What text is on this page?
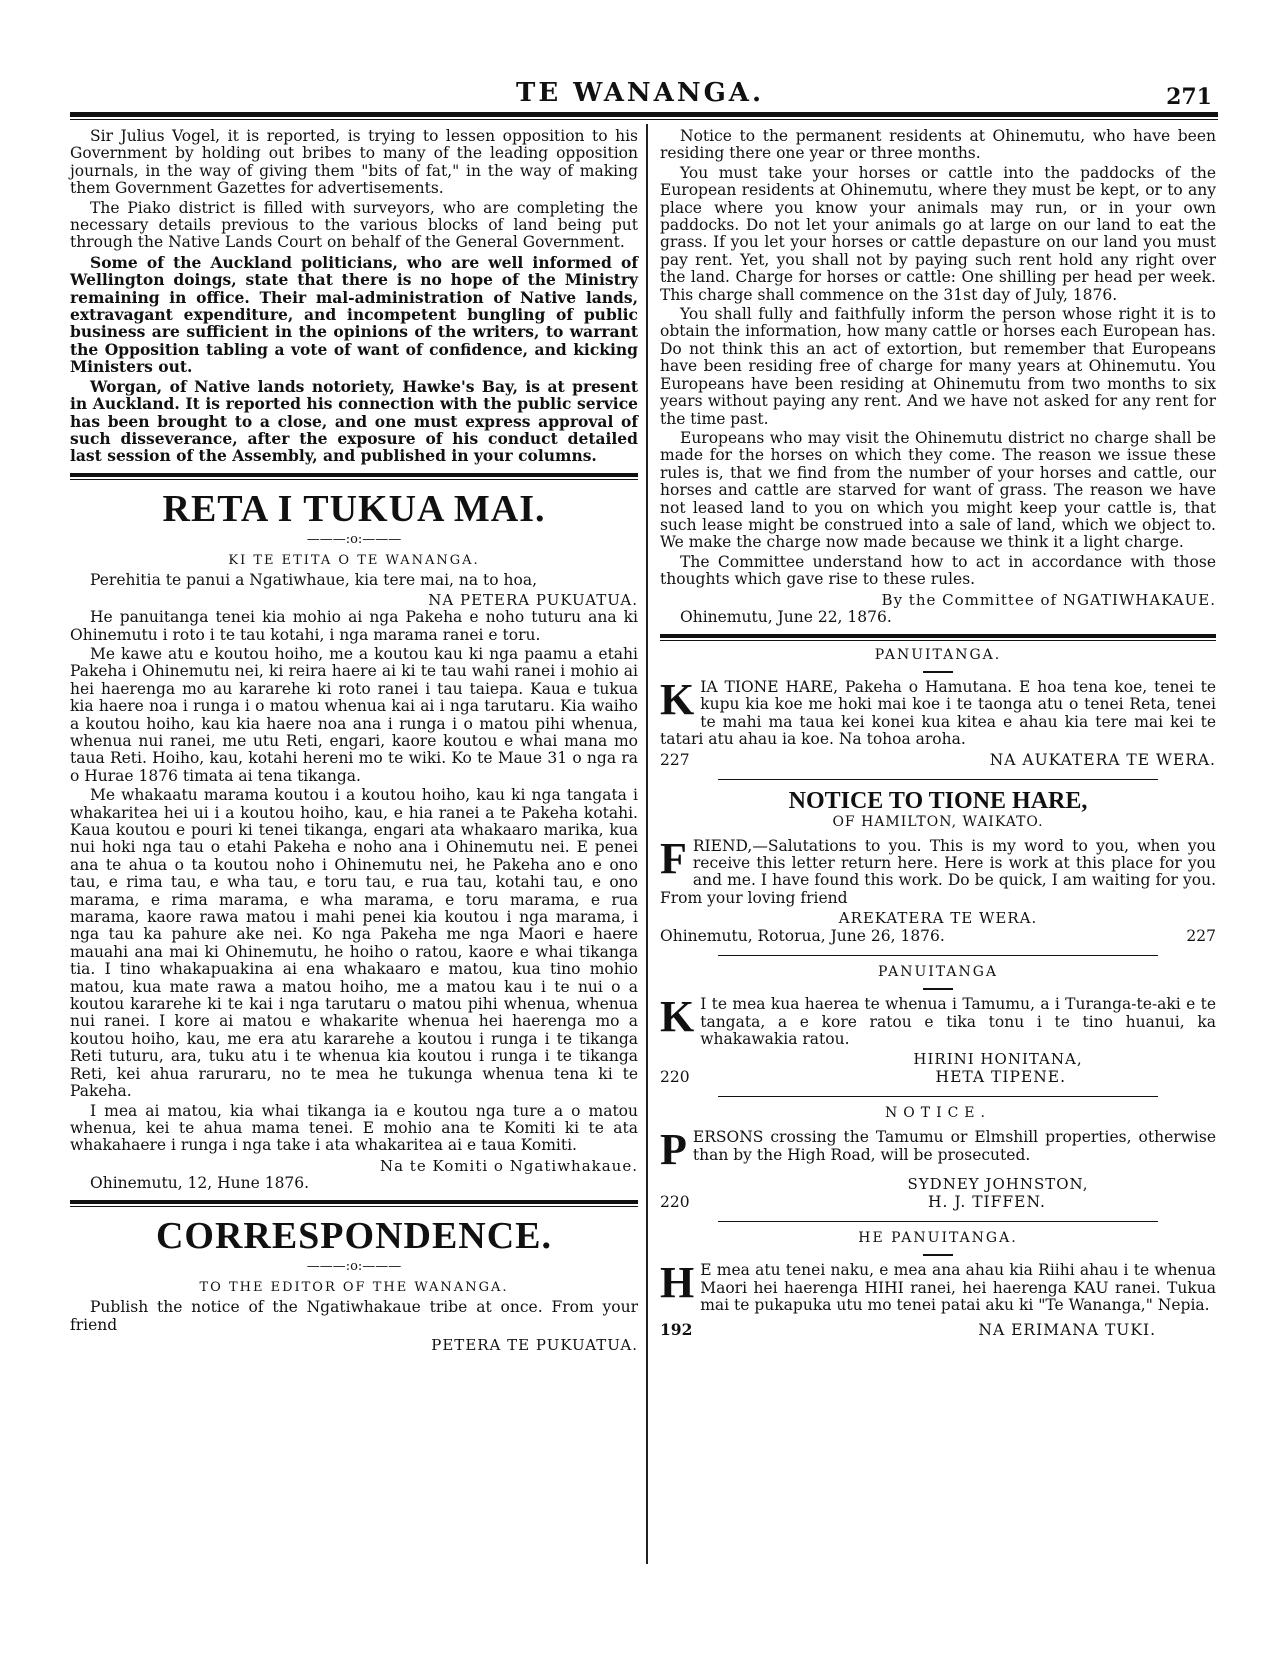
TE WANANGA.	271

Sir Julius Vogel, it is reported, is trying to lessen opposition to his Government by holding out bribes to many of the leading opposition journals, in the way of giving them "bits of fat," in the way of making them Government Gazettes for advertisements.

The Piako district is filled with surveyors, who are completing the necessary details previous to the various blocks of land being put through the Native Lands Court on behalf of the General Government.

Some of the Auckland politicians, who are well informed of Wellington doings, state that there is no hope of the Ministry remaining in office. Their mal-administration of Native lands, extravagant expenditure, and incompetent bungling of public business are sufficient in the opinions of the writers, to warrant the Opposition tabling a vote of want of confidence, and kicking Ministers out.

Worgan, of Native lands notoriety, Hawke's Bay, is at present in Auckland. It is reported his connection with the public service has been brought to a close, and one must express approval of such disseverance, after the exposure of his conduct detailed last session of the Assembly, and published in your columns.

RETA I TUKUA MAI.
———:o:———
KI TE ETITA O TE WANANGA.

Perehitia te panui a Ngatiwhaue, kia tere mai, na to hoa,

NA PETERA PUKUATUA.

He panuitanga tenei kia mohio ai nga Pakeha e noho tuturu ana ki Ohinemutu i roto i te tau kotahi, i nga marama ranei e toru.

Me kawe atu e koutou hoiho, me a koutou kau ki nga paamu a etahi Pakeha i Ohinemutu nei, ki reira haere ai ki te tau wahi ranei i mohio ai hei haerenga mo au kararehe ki roto ranei i tau taiepa. Kaua e tukua kia haere noa i runga i o matou whenua kai ai i nga tarutaru. Kia waiho a koutou hoiho, kau kia haere noa ana i runga i o matou pihi whenua, whenua nui ranei, me utu Reti, engari, kaore koutou e whai mana mo taua Reti. Hoiho, kau, kotahi hereni mo te wiki. Ko te Maue 31 o nga ra o Hurae 1876 timata ai tena tikanga.

Me whakaatu marama koutou i a koutou hoiho, kau ki nga tangata i whakaritea hei ui i a koutou hoiho, kau, e hia ranei a te Pakeha kotahi. Kaua koutou e pouri ki tenei tikanga, engari ata whakaaro marika, kua nui hoki nga tau o etahi Pakeha e noho ana i Ohinemutu nei. E penei ana te ahua o ta koutou noho i Ohinemutu nei, he Pakeha ano e ono tau, e rima tau, e wha tau, e toru tau, e rua tau, kotahi tau, e ono marama, e rima marama, e wha marama, e toru marama, e rua marama, kaore rawa matou i mahi penei kia koutou i nga marama, i nga tau ka pahure ake nei. Ko nga Pakeha me nga Maori e haere mauahi ana mai ki Ohinemutu, he hoiho o ratou, kaore e whai tikanga tia. I tino whakapuakina ai ena whakaaro e matou, kua tino mohio matou, kua mate rawa a matou hoiho, me a matou kau i te nui o a koutou kararehe ki te kai i nga tarutaru o matou pihi whenua, whenua nui ranei. I kore ai matou e whakarite whenua hei haerenga mo a koutou hoiho, kau, me era atu kararehe a koutou i runga i te tikanga Reti tuturu, ara, tuku atu i te whenua kia koutou i runga i te tikanga Reti, kei ahua raruraru, no te mea he tukunga whenua tena ki te Pakeha.

I mea ai matou, kia whai tikanga ia e koutou nga ture a o matou whenua, kei te ahua mama tenei. E mohio ana te Komiti ki te ata whakahaere i runga i nga take i ata whakaritea ai e taua Komiti.

Na te Komiti o Ngatiwhakaue.

Ohinemutu, 12, Hune 1876.

CORRESPONDENCE.
———:o:———
TO THE EDITOR OF THE WANANGA.

Publish the notice of the Ngatiwhakaue tribe at once. From your friend

PETERA TE PUKUATUA.

Notice to the permanent residents at Ohinemutu, who have been residing there one year or three months.

You must take your horses or cattle into the paddocks of the European residents at Ohinemutu, where they must be kept, or to any place where you know your animals may run, or in your own paddocks. Do not let your animals go at large on our land to eat the grass. If you let your horses or cattle depasture on our land you must pay rent. Yet, you shall not by paying such rent hold any right over the land. Charge for horses or cattle: One shilling per head per week. This charge shall commence on the 31st day of July, 1876.

You shall fully and faithfully inform the person whose right it is to obtain the information, how many cattle or horses each European has. Do not think this an act of extortion, but remember that Europeans have been residing free of charge for many years at Ohinemutu. You Europeans have been residing at Ohinemutu from two months to six years without paying any rent. And we have not asked for any rent for the time past.

Europeans who may visit the Ohinemutu district no charge shall be made for the horses on which they come. The reason we issue these rules is, that we find from the number of your horses and cattle, our horses and cattle are starved for want of grass. The reason we have not leased land to you on which you might keep your cattle is, that such lease might be construed into a sale of land, which we object to. We make the charge now made because we think it a light charge.

The Committee understand how to act in accordance with those thoughts which gave rise to these rules.

By the Committee of NGATIWHAKAUE.

Ohinemutu, June 22, 1876.

PANUITANGA.
K IA TIONE HARE, Pakeha o Hamutana. E hoa tena koe, tenei te kupu kia koe me hoki mai koe i te taonga atu o tenei Reta, tenei te mahi ma taua kei konei kua kitea e ahau kia tere mai kei te tatari atu ahau ia koe. Na tohoa aroha.

227	NA AUKATERA TE WERA.
NOTICE TO TIONE HARE,
OF HAMILTON, WAIKATO.
F RIEND,—Salutations to you. This is my word to you, when you receive this letter return here. Here is work at this place for you and me. I have found this work. Do be quick, I am waiting for you. From your loving friend

AREKATERA TE WERA.
Ohinemutu, Rotorua, June 26, 1876.	227
PANUITANGA
K I te mea kua haerea te whenua i Tamumu, a i Turanga-te-aki e te tangata, a e kore ratou e tika tonu i te tino huanui, ka whakawakia ratou.

HIRINI HONITANA,
220	HETA TIPENE.
NOTICE.
P ERSONS crossing the Tamumu or Elmshill properties, otherwise than by the High Road, will be prosecuted.

SYDNEY JOHNSTON,
220	H. J. TIFFEN.
HE PANUITANGA.
H E mea atu tenei naku, e mea ana ahau kia Riihi ahau i te whenua Maori hei haerenga HIHI ranei, hei haerenga KAU ranei. Tukua mai te pukapuka utu mo tenei patai aku ki "Te Wananga," Nepia.

192	NA ERIMANA TUKI.
